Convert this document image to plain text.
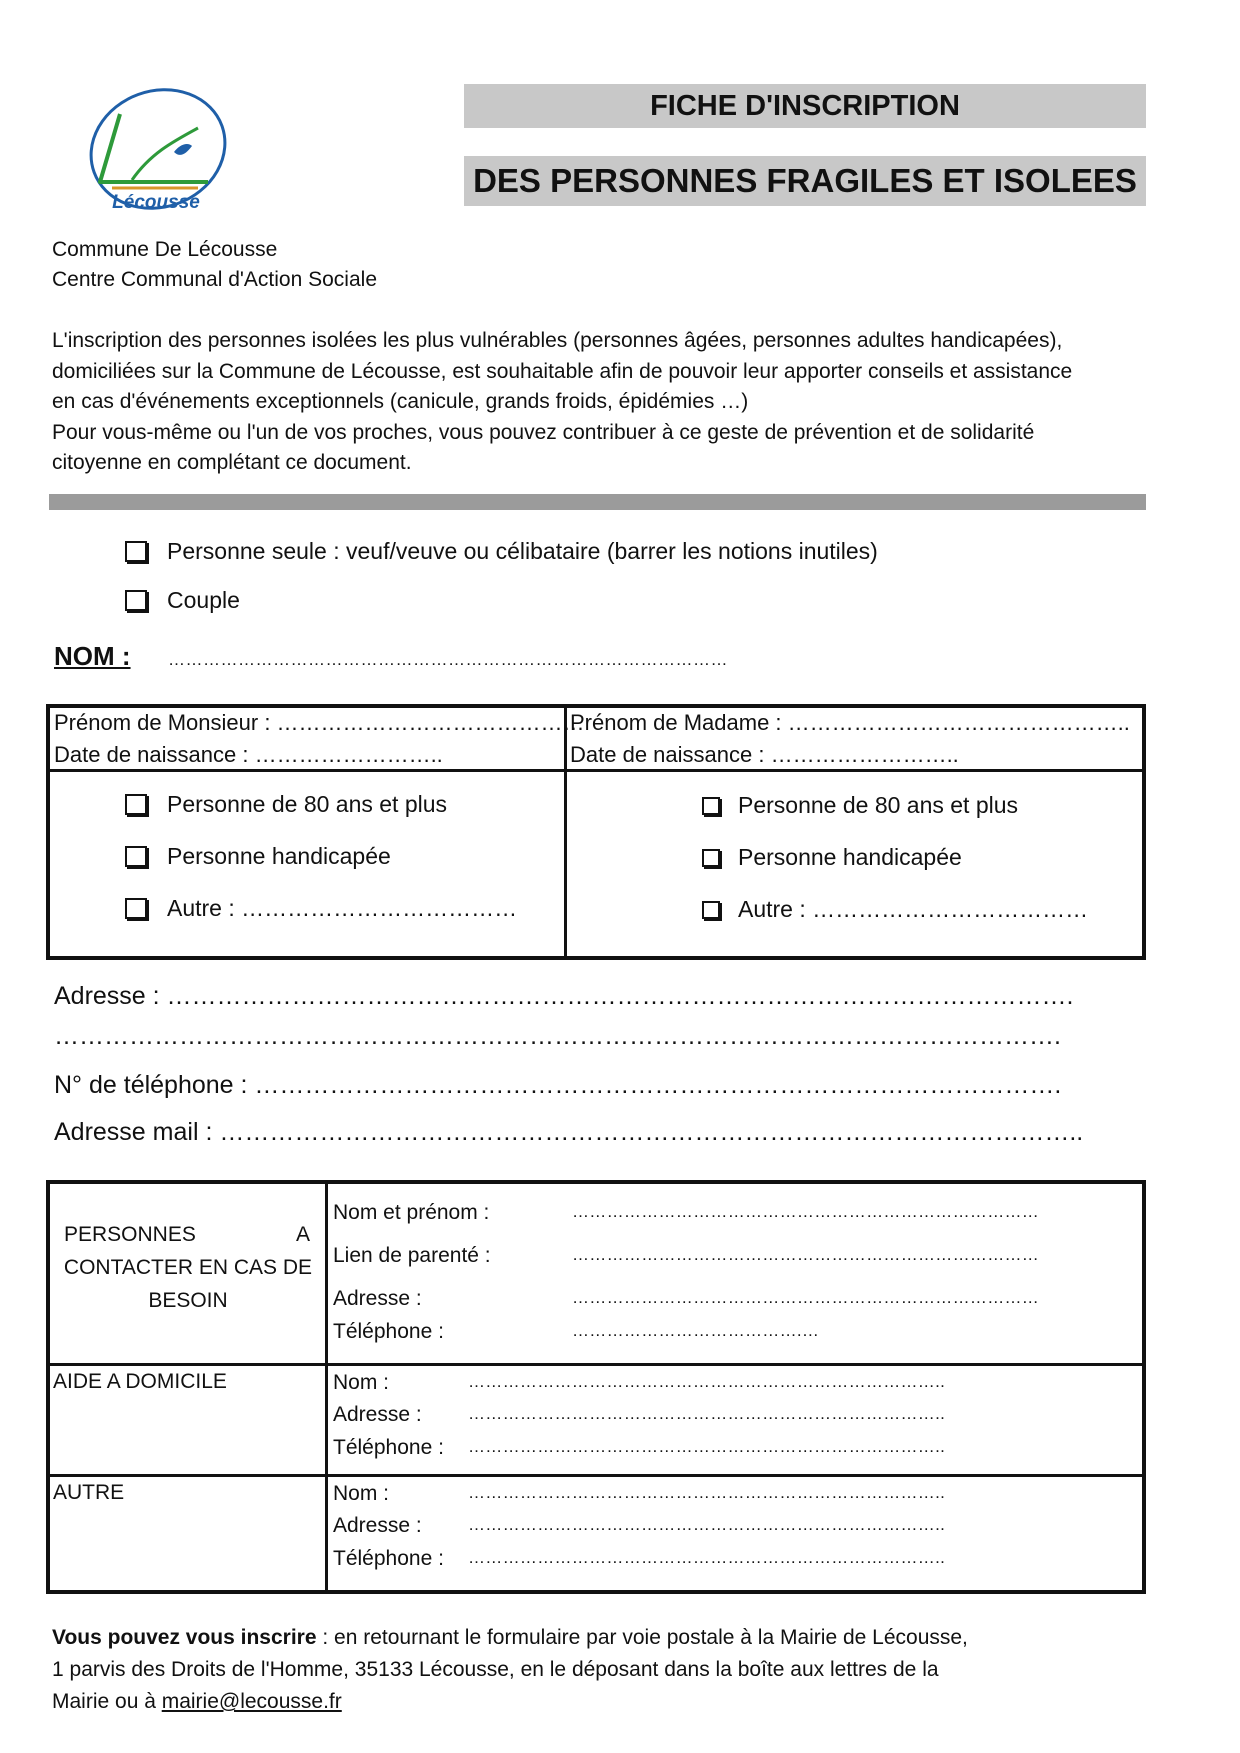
Lécousse
FICHE D'INSCRIPTION
DES PERSONNES FRAGILES ET ISOLEES
Commune De Lécousse
Centre Communal d'Action Sociale
L'inscription des personnes isolées les plus vulnérables (personnes âgées, personnes adultes handicapées),
domiciliées sur la Commune de Lécousse, est souhaitable afin de pouvoir leur apporter conseils et assistance
en cas d'événements exceptionnels (canicule, grands froids, épidémies …)
Pour vous-même ou l'un de vos proches, vous pouvez contribuer à ce geste de prévention et de solidarité
citoyenne en complétant ce document.
Personne seule : veuf/veuve ou célibataire (barrer les notions inutiles)
Couple
NOM : ……………………………………………………………………………………
Prénom de Monsieur : ……………………………………
Date de naissance : ……………………..
Prénom de Madame : ………………………………………..
Date de naissance : ……………………..
Personne de 80 ans et plus
Personne handicapée
Autre : ………………………………
Personne de 80 ans et plus
Personne handicapée
Autre : ………………………………
Adresse : ……………………………………………………………………………………………….
………………………………………………………………………………………………………….
N° de téléphone : …………………………………………………………………………………….
Adresse mail : …………………………………………………………………………………………..
PERSONNES	A
CONTACTER EN CAS DE
BESOIN
Nom et prénom :	………………………………………………………………………
Lien de parenté :	………………………………………………………………………
Adresse :	………………………………………………………………………
Téléphone :	………………………………….…
AIDE A DOMICILE	Nom :	………………………………………………………………………..
Adresse :	………………………………………………………………………..
Téléphone : ………………………………………………………………………..
AUTRE	Nom :	………………………………………………………………………..
Adresse :	………………………………………………………………………..
Téléphone : ………………………………………………………………………..
Vous pouvez vous inscrire : en retournant le formulaire par voie postale à la Mairie de Lécousse,
1 parvis des Droits de l'Homme, 35133 Lécousse, en le déposant dans la boîte aux lettres de la
Mairie ou à mairie@lecousse.fr
